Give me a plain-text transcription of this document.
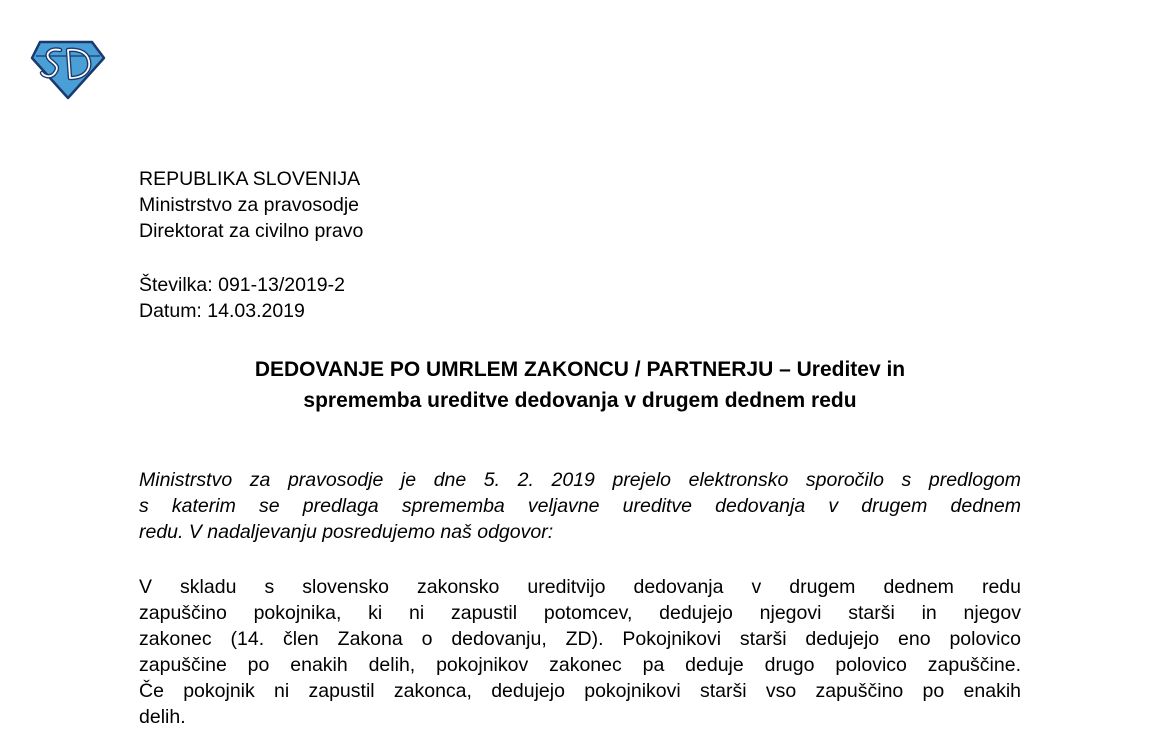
REPUBLIKA SLOVENIJA
Ministrstvo za pravosodje
Direktorat za civilno pravo
Številka: 091-13/2019-2
Datum: 14.03.2019
DEDOVANJE PO UMRLEM ZAKONCU / PARTNERJU – Ureditev in
sprememba ureditve dedovanja v drugem dednem redu
Ministrstvo za pravosodje je dne 5. 2. 2019 prejelo elektronsko sporočilo s predlogom
s katerim se predlaga sprememba veljavne ureditve dedovanja v drugem dednem
redu. V nadaljevanju posredujemo naš odgovor:
V skladu s slovensko zakonsko ureditvijo dedovanja v drugem dednem redu
zapuščino pokojnika, ki ni zapustil potomcev, dedujejo njegovi starši in njegov
zakonec (14. člen Zakona o dedovanju, ZD). Pokojnikovi starši dedujejo eno polovico
zapuščine po enakih delih, pokojnikov zakonec pa deduje drugo polovico zapuščine.
Če pokojnik ni zapustil zakonca, dedujejo pokojnikovi starši vso zapuščino po enakih
delih.
